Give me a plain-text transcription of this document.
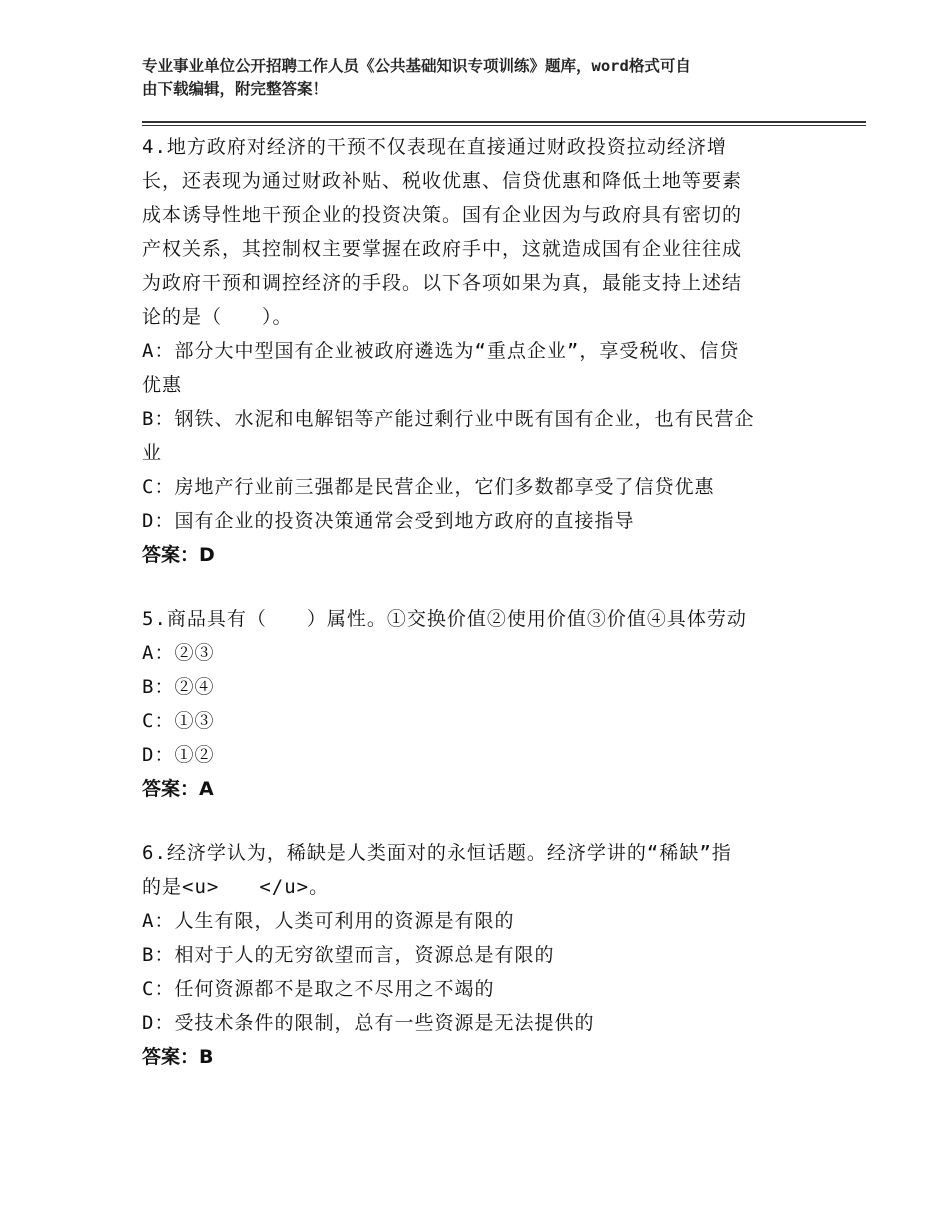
专业事业单位公开招聘工作人员《公共基础知识专项训练》题库，word格式可自
由下载编辑，附完整答案！
4.地方政府对经济的干预不仅表现在直接通过财政投资拉动经济增
长，还表现为通过财政补贴、税收优惠、信贷优惠和降低土地等要素
成本诱导性地干预企业的投资决策。国有企业因为与政府具有密切的
产权关系，其控制权主要掌握在政府手中，这就造成国有企业往往成
为政府干预和调控经济的手段。以下各项如果为真，最能支持上述结
论的是（　　）。
A：部分大中型国有企业被政府遴选为“重点企业”，享受税收、信贷
优惠
B：钢铁、水泥和电解铝等产能过剩行业中既有国有企业，也有民营企
业
C：房地产行业前三强都是民营企业，它们多数都享受了信贷优惠
D：国有企业的投资决策通常会受到地方政府的直接指导
答案：D
5.商品具有（　　）属性。①交换价值②使用价值③价值④具体劳动
A：②③
B：②④
C：①③
D：①②
答案：A
6.经济学认为，稀缺是人类面对的永恒话题。经济学讲的“稀缺”指
的是<u>　　</u>。
A：人生有限，人类可利用的资源是有限的
B：相对于人的无穷欲望而言，资源总是有限的
C：任何资源都不是取之不尽用之不竭的
D：受技术条件的限制，总有一些资源是无法提供的
答案：B
